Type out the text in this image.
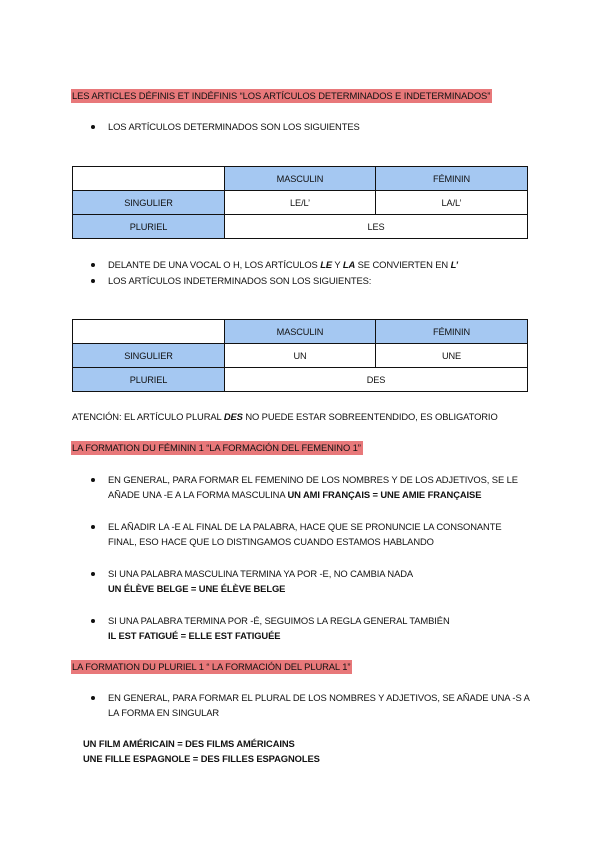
LES ARTICLES DÉFINIS ET INDÉFINIS “LOS ARTÍCULOS DETERMINADOS E INDETERMINADOS”
LOS ARTÍCULOS DETERMINADOS SON LOS SIGUIENTES
	MASCULIN	FÉMININ
SINGULIER	LE/L’	LA/L’
PLURIEL	LES	
DELANTE DE UNA VOCAL O H, LOS ARTÍCULOS LE Y LA SE CONVIERTEN EN L’
LOS ARTÍCULOS INDETERMINADOS SON LOS SIGUIENTES:
	MASCULIN	FÉMININ
SINGULIER	UN	UNE
PLURIEL	DES	
ATENCIÓN: EL ARTÍCULO PLURAL DES NO PUEDE ESTAR SOBREENTENDIDO, ES OBLIGATORIO
LA FORMATION DU FÉMININ 1 “LA FORMACIÓN DEL FEMENINO 1”
EN GENERAL, PARA FORMAR EL FEMENINO DE LOS NOMBRES Y DE LOS ADJETIVOS, SE LE
AÑADE UNA -E A LA FORMA MASCULINA UN AMI FRANÇAIS = UNE AMIE FRANÇAISE
EL AÑADIR LA -E AL FINAL DE LA PALABRA, HACE QUE SE PRONUNCIE LA CONSONANTE
FINAL, ESO HACE QUE LO DISTINGAMOS CUANDO ESTAMOS HABLANDO
SI UNA PALABRA MASCULINA TERMINA YA POR -E, NO CAMBIA NADA
UN ÉLÈVE BELGE = UNE ÉLÈVE BELGE
SI UNA PALABRA TERMINA POR -É, SEGUIMOS LA REGLA GENERAL TAMBIÉN
IL EST FATIGUÉ = ELLE EST FATIGUÉE
LA FORMATION DU PLURIEL 1 “ LA FORMACIÓN DEL PLURAL 1”
EN GENERAL, PARA FORMAR EL PLURAL DE LOS NOMBRES Y ADJETIVOS, SE AÑADE UNA -S A
LA FORMA EN SINGULAR
UN FILM AMÉRICAIN = DES FILMS AMÉRICAINS
UNE FILLE ESPAGNOLE = DES FILLES ESPAGNOLES
